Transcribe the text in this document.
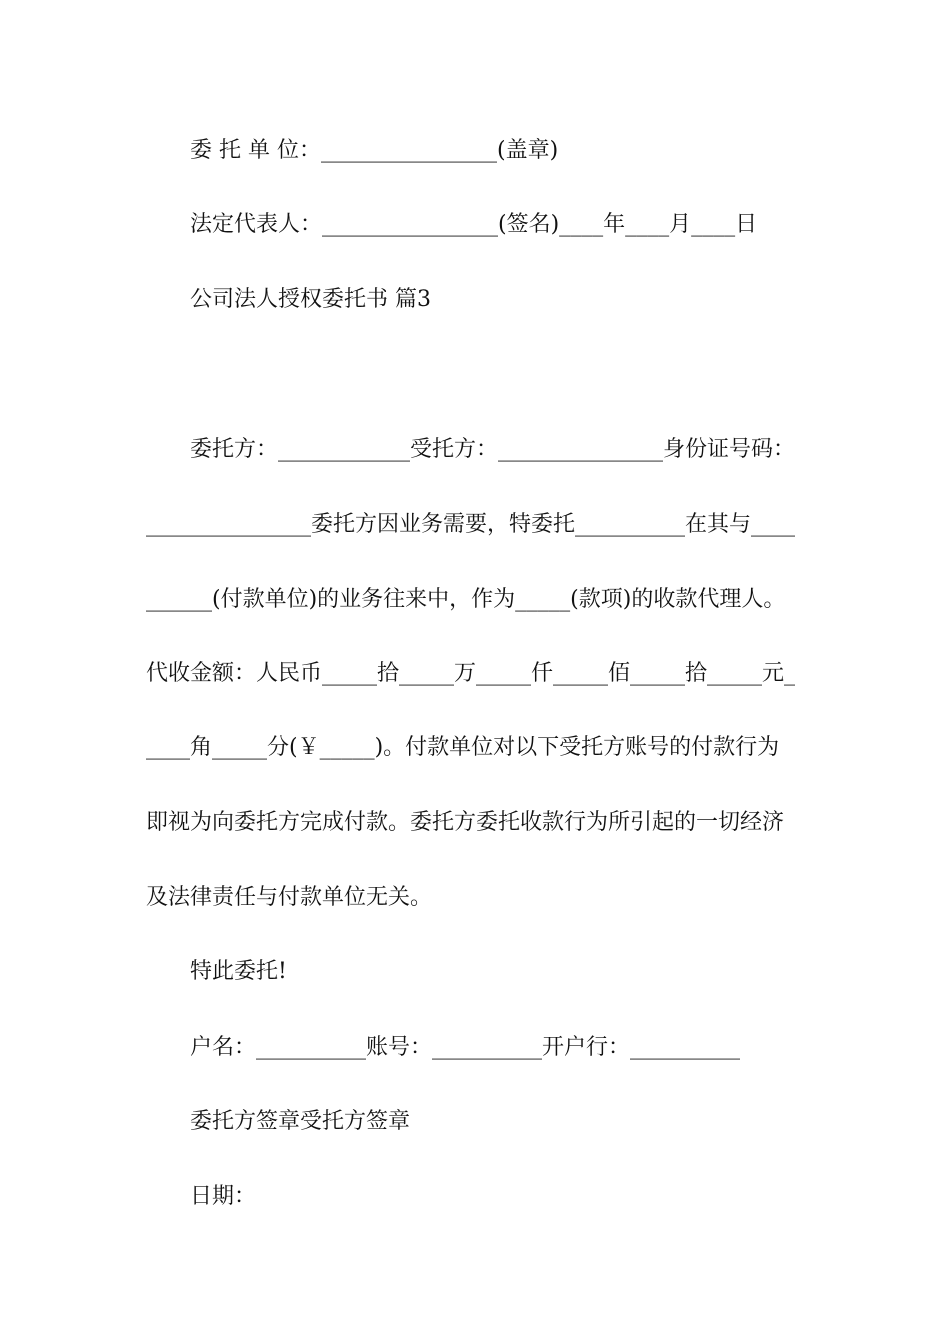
委 托 单 位：________________(盖章)
法定代表人：________________(签名)____年____月____日
公司法人授权委托书 篇3
委托方：____________受托方：_______________身份证号码：
_______________委托方因业务需要，特委托__________在其与____
______(付款单位)的业务往来中，作为_____(款项)的收款代理人。
代收金额：人民币_____拾_____万_____仟_____佰_____拾_____元_
____角_____分(￥_____)。付款单位对以下受托方账号的付款行为
即视为向委托方完成付款。委托方委托收款行为所引起的一切经济
及法律责任与付款单位无关。
特此委托!
户名：__________账号：__________开户行：__________
委托方签章受托方签章
日期：
